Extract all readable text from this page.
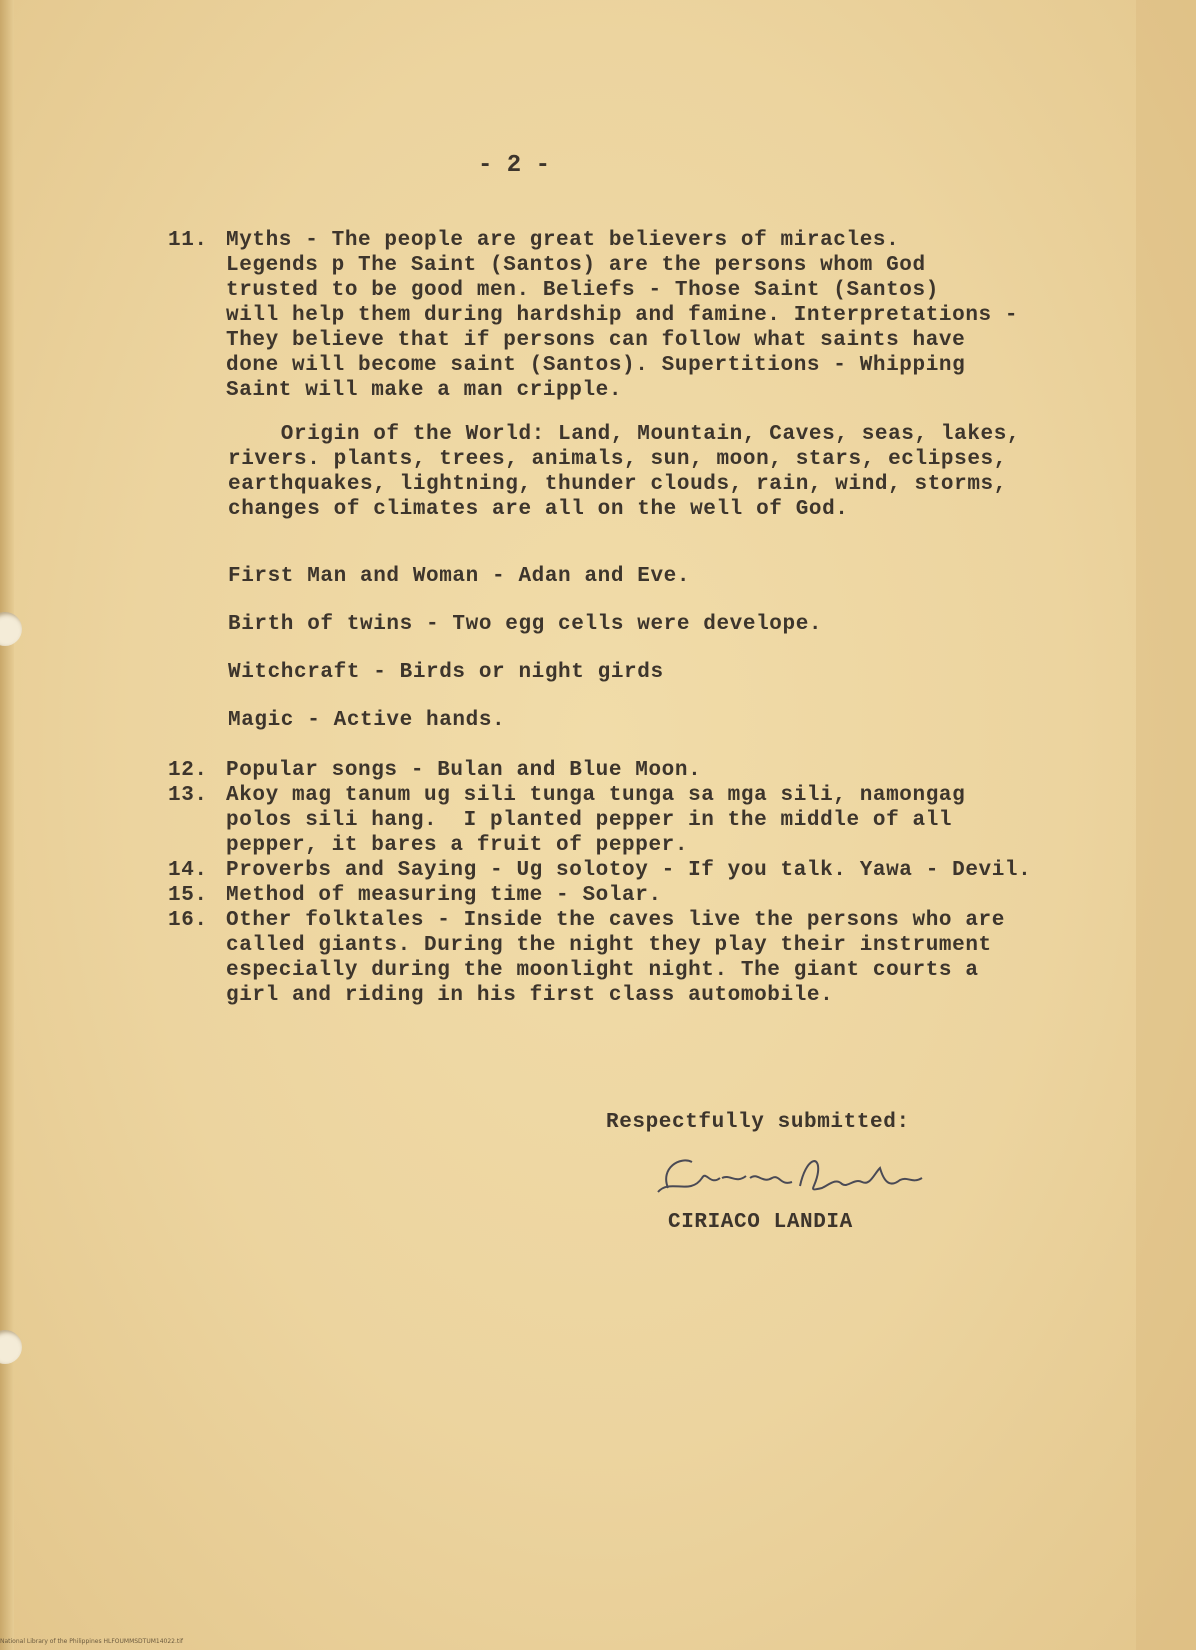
- 2 -
11. Myths - The people are great believers of miracles.
Legends p The Saint (Santos) are the persons whom God
trusted to be good men. Beliefs - Those Saint (Santos)
will help them during hardship and famine. Interpretations -
They believe that if persons can follow what saints have
done will become saint (Santos). Supertitions - Whipping
Saint will make a man cripple.
Origin of the World: Land, Mountain, Caves, seas, lakes,
rivers. plants, trees, animals, sun, moon, stars, eclipses,
earthquakes, lightning, thunder clouds, rain, wind, storms,
changes of climates are all on the well of God.
First Man and Woman - Adan and Eve.
Birth of twins - Two egg cells were develope.
Witchcraft - Birds or night girds
Magic - Active hands.
12. Popular songs - Bulan and Blue Moon.
13. Akoy mag tanum ug sili tunga tunga sa mga sili, namongag
polos sili hang.  I planted pepper in the middle of all
pepper, it bares a fruit of pepper.
14. Proverbs and Saying - Ug solotoy - If you talk. Yawa - Devil.
15. Method of measuring time - Solar.
16. Other folktales - Inside the caves live the persons who are
called giants. During the night they play their instrument
especially during the moonlight night. The giant courts a
girl and riding in his first class automobile.
Respectfully submitted:
CIRIACO LANDIA
National Library of the Philippines HLFOUMMSDTUM14022.tif
